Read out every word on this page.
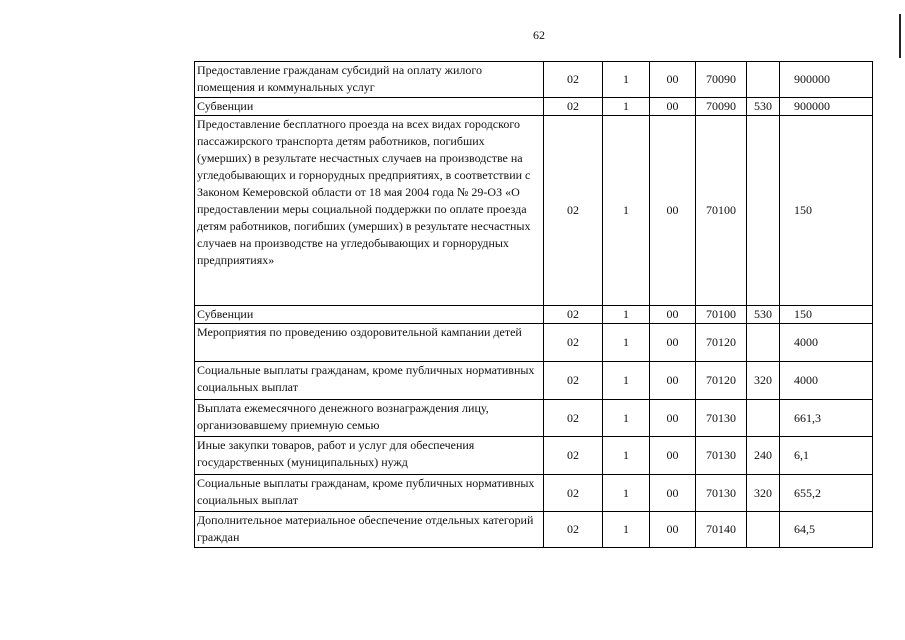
62
Предоставление гражданам субсидий на оплату жилого помещения и коммунальных услуг	02	1	00	70090		900000
Субвенции	02	1	00	70090	530	900000
Предоставление бесплатного проезда на всех видах городского пассажирского транспорта детям работников, погибших (умерших) в результате несчастных случаев на производстве на угледобывающих и горнорудных предприятиях, в соответствии с Законом Кемеровской области от 18 мая 2004 года № 29-ОЗ «О предоставлении меры социальной поддержки по оплате проезда детям работников, погибших (умерших) в результате несчастных случаев на производстве на угледобывающих и горнорудных предприятиях»	02	1	00	70100		150
Субвенции	02	1	00	70100	530	150
Мероприятия по проведению оздоровительной кампании детей	02	1	00	70120		4000
Социальные выплаты гражданам, кроме публичных нормативных социальных выплат	02	1	00	70120	320	4000
Выплата ежемесячного денежного вознаграждения лицу, организовавшему приемную семью	02	1	00	70130		661,3
Иные закупки товаров, работ и услуг для обеспечения государственных (муниципальных) нужд	02	1	00	70130	240	6,1
Социальные выплаты гражданам, кроме публичных нормативных социальных выплат	02	1	00	70130	320	655,2
Дополнительное материальное обеспечение отдельных категорий граждан	02	1	00	70140		64,5
